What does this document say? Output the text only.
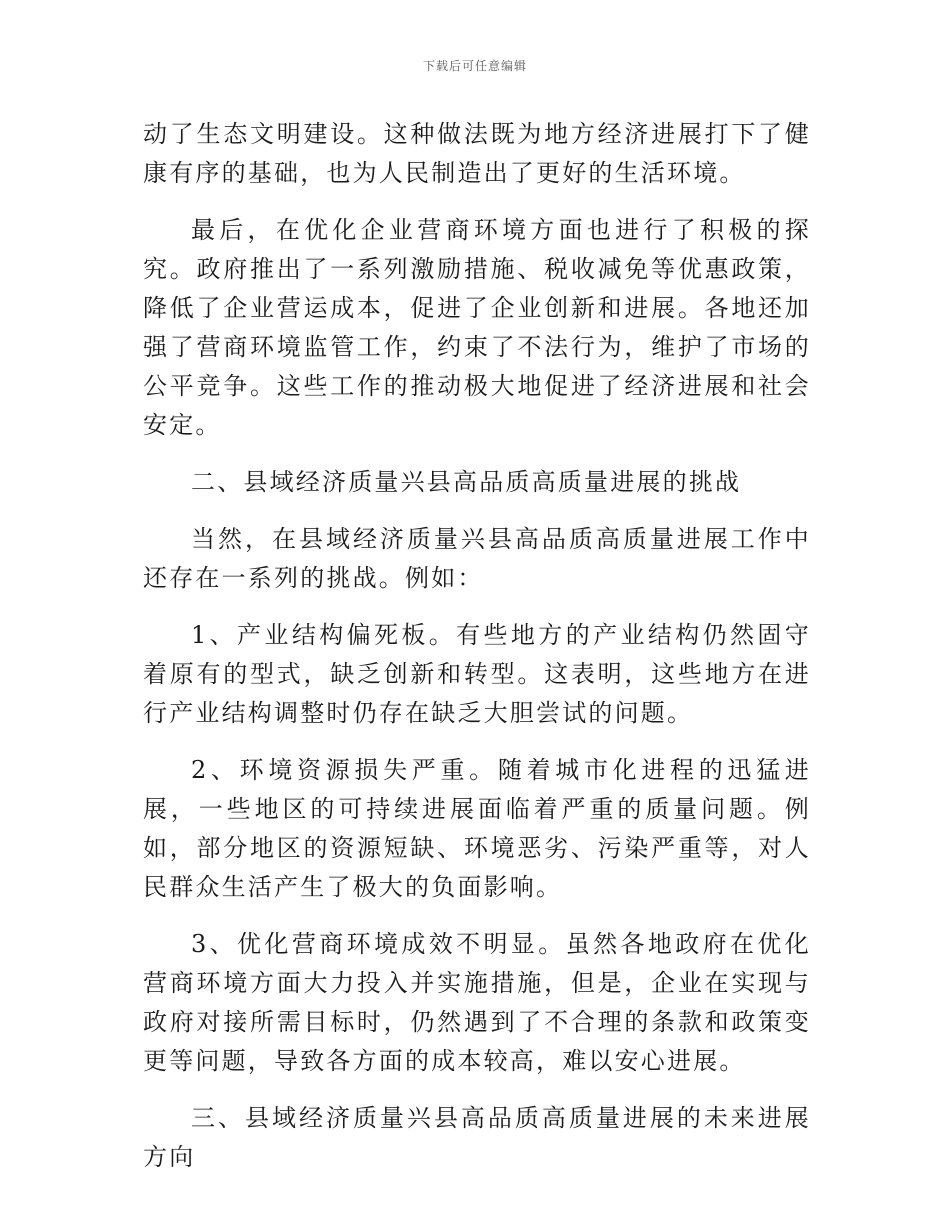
下载后可任意编辑

动了生态文明建设。这种做法既为地方经济进展打下了健康有序的基础，也为人民制造出了更好的生活环境。

最后，在优化企业营商环境方面也进行了积极的探究。政府推出了一系列激励措施、税收减免等优惠政策，降低了企业营运成本，促进了企业创新和进展。各地还加强了营商环境监管工作，约束了不法行为，维护了市场的公平竞争。这些工作的推动极大地促进了经济进展和社会安定。

二、县域经济质量兴县高品质高质量进展的挑战

当然，在县域经济质量兴县高品质高质量进展工作中还存在一系列的挑战。例如：

1、产业结构偏死板。有些地方的产业结构仍然固守着原有的型式，缺乏创新和转型。这表明，这些地方在进行产业结构调整时仍存在缺乏大胆尝试的问题。

2、环境资源损失严重。随着城市化进程的迅猛进展，一些地区的可持续进展面临着严重的质量问题。例如，部分地区的资源短缺、环境恶劣、污染严重等，对人民群众生活产生了极大的负面影响。

3、优化营商环境成效不明显。虽然各地政府在优化营商环境方面大力投入并实施措施，但是，企业在实现与政府对接所需目标时，仍然遇到了不合理的条款和政策变更等问题，导致各方面的成本较高，难以安心进展。

三、县域经济质量兴县高品质高质量进展的未来进展方向
